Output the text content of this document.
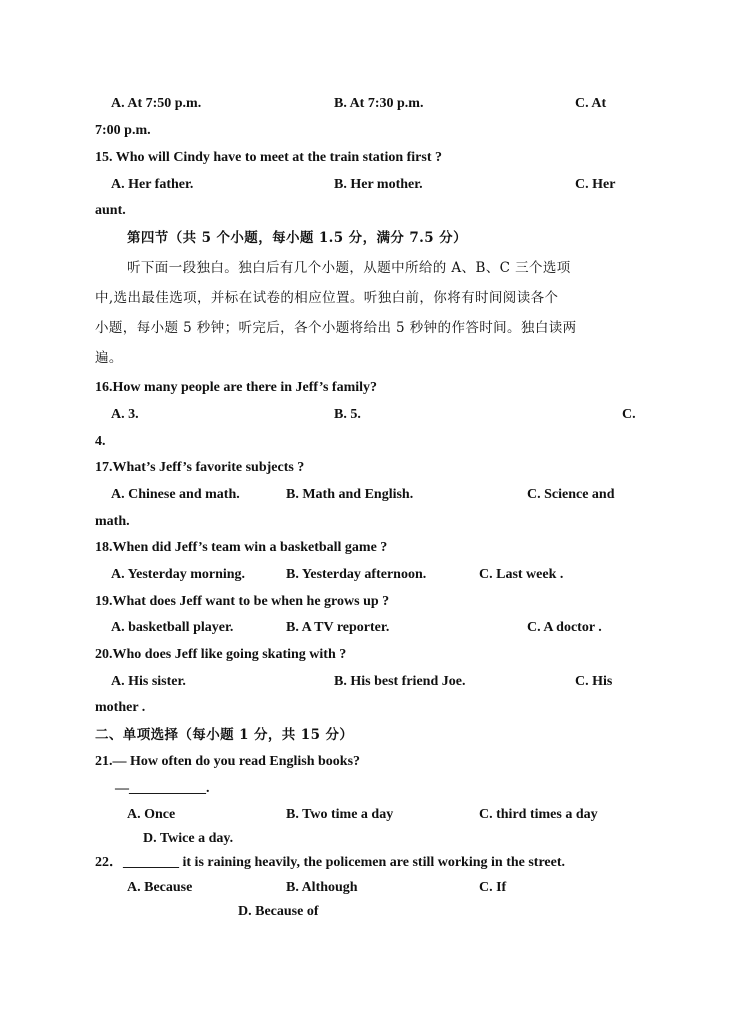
A. At 7:50 p.m.	B. At 7:30 p.m.	C. At
7:00 p.m.
15. Who will Cindy have to meet at the train station first ?
A. Her father.	B. Her mother.	C. Her
aunt.
第四节（共 5 个小题，每小题 1.5 分，满分 7.5 分）
听下面一段独白。独白后有几个小题，从题中所给的 A、B、C 三个选项
中,选出最佳选项，并标在试卷的相应位置。听独白前，你将有时间阅读各个
小题，每小题 5 秒钟；听完后，各个小题将给出 5 秒钟的作答时间。独白读两
遍。
16.How many people are there in Jeff’s family?
A. 3.	B. 5.	C.
4.
17.What’s Jeff’s favorite subjects ?
A. Chinese and math.	B. Math and English.	C. Science and
math.
18.When did Jeff’s team win a basketball game ?
A. Yesterday morning.	B. Yesterday afternoon.	C. Last week .
19.What does Jeff want to be when he grows up ?
A. basketball player.	B. A TV reporter.	C. A doctor .
20.Who does Jeff like going skating with ?
A. His sister.	B. His best friend Joe.	C. His
mother .
二、单项选择（每小题 1 分，共 15 分）
21.— How often do you read English books?
—___________.
A. Once	B. Two time a day	C. third times a day
D. Twice a day.
22．________ it is raining heavily, the policemen are still working in the street.
A. Because	B. Although	C. If
D. Because of
